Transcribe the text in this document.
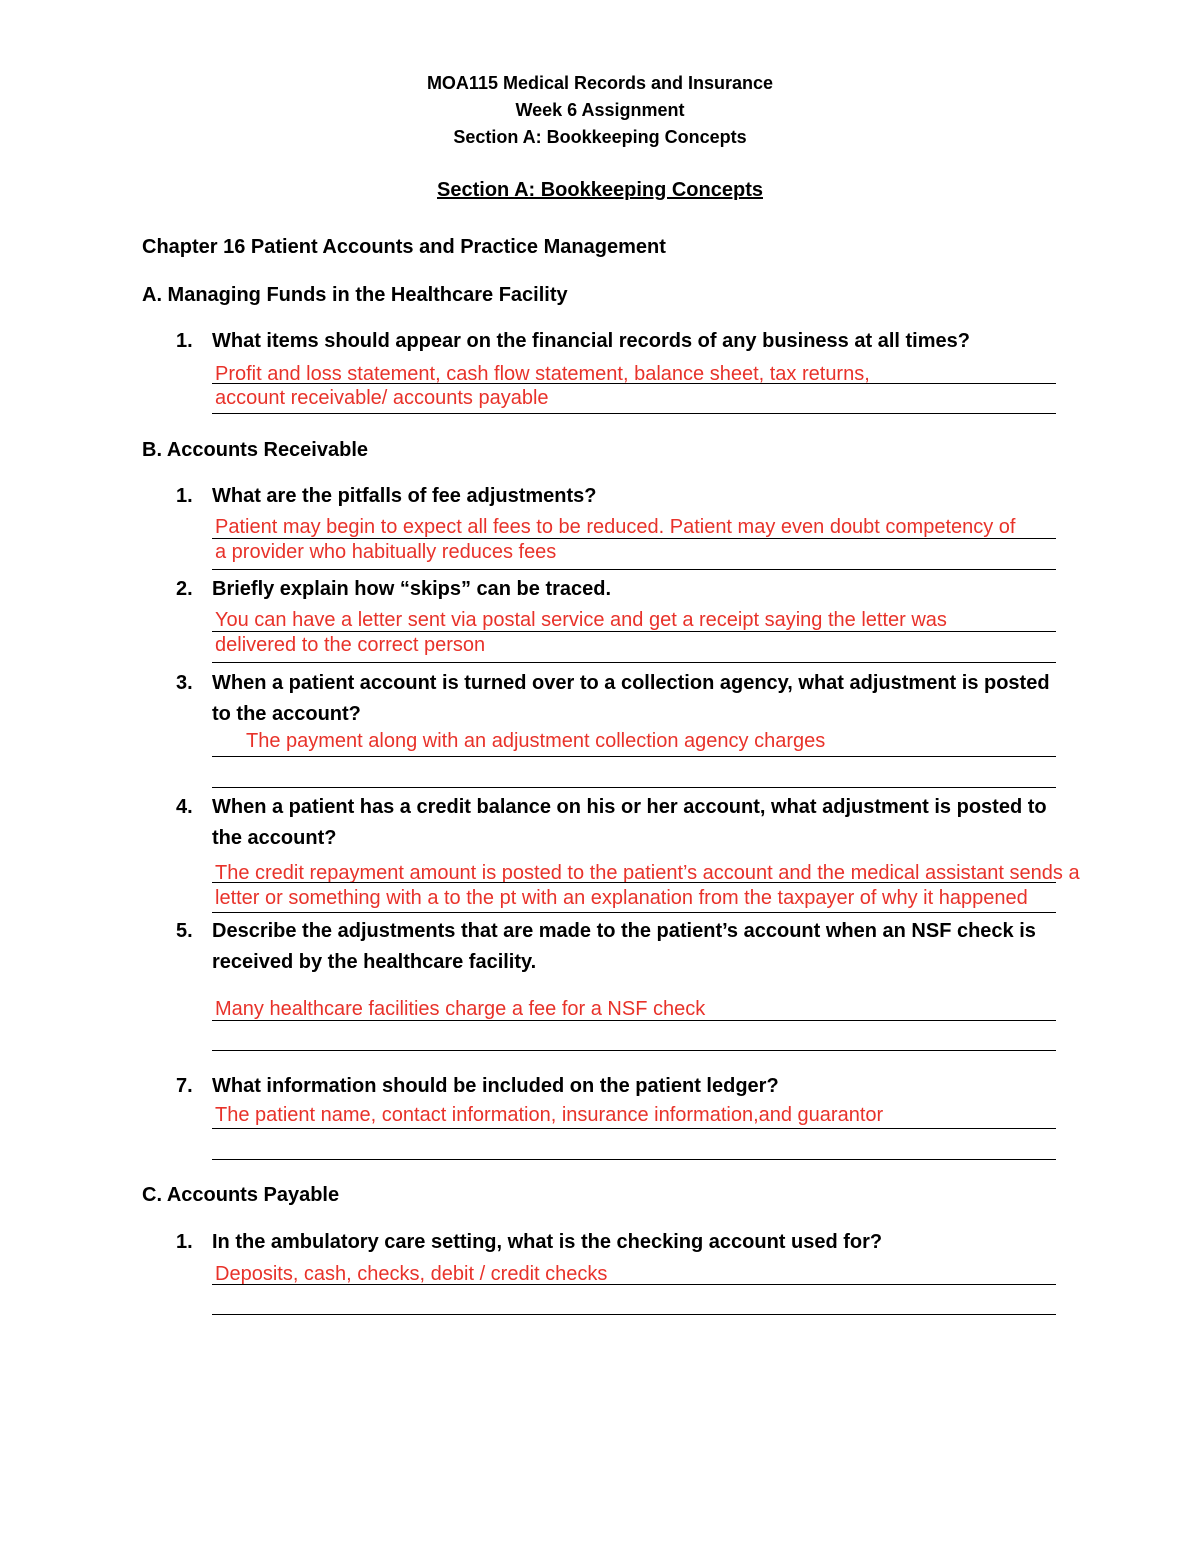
MOA115 Medical Records and Insurance
Week 6 Assignment
Section A: Bookkeeping Concepts
Section A: Bookkeeping Concepts
Chapter 16 Patient Accounts and Practice Management
A. Managing Funds in the Healthcare Facility
1. What items should appear on the financial records of any business at all times?
Profit and loss statement, cash flow statement, balance sheet, tax returns,
account receivable/ accounts payable
B. Accounts Receivable
1. What are the pitfalls of fee adjustments?
Patient may begin to expect all fees to be reduced. Patient may even doubt competency of
a provider who habitually reduces fees
2. Briefly explain how “skips” can be traced.
You can have a letter sent via postal service and get a receipt saying the letter was
delivered to the correct person
3. When a patient account is turned over to a collection agency, what adjustment is posted
to the account?
The payment along with an adjustment collection agency charges
4. When a patient has a credit balance on his or her account, what adjustment is posted to
the account?
The credit repayment amount is posted to the patient’s account and the medical assistant sends a
letter or something with a to the pt with an explanation from the taxpayer of why it happened
5. Describe the adjustments that are made to the patient’s account when an NSF check is
received by the healthcare facility.
Many healthcare facilities charge a fee for a NSF check
7. What information should be included on the patient ledger?
The patient name, contact information, insurance information,and guarantor
C. Accounts Payable
1. In the ambulatory care setting, what is the checking account used for?
Deposits, cash, checks, debit / credit checks
